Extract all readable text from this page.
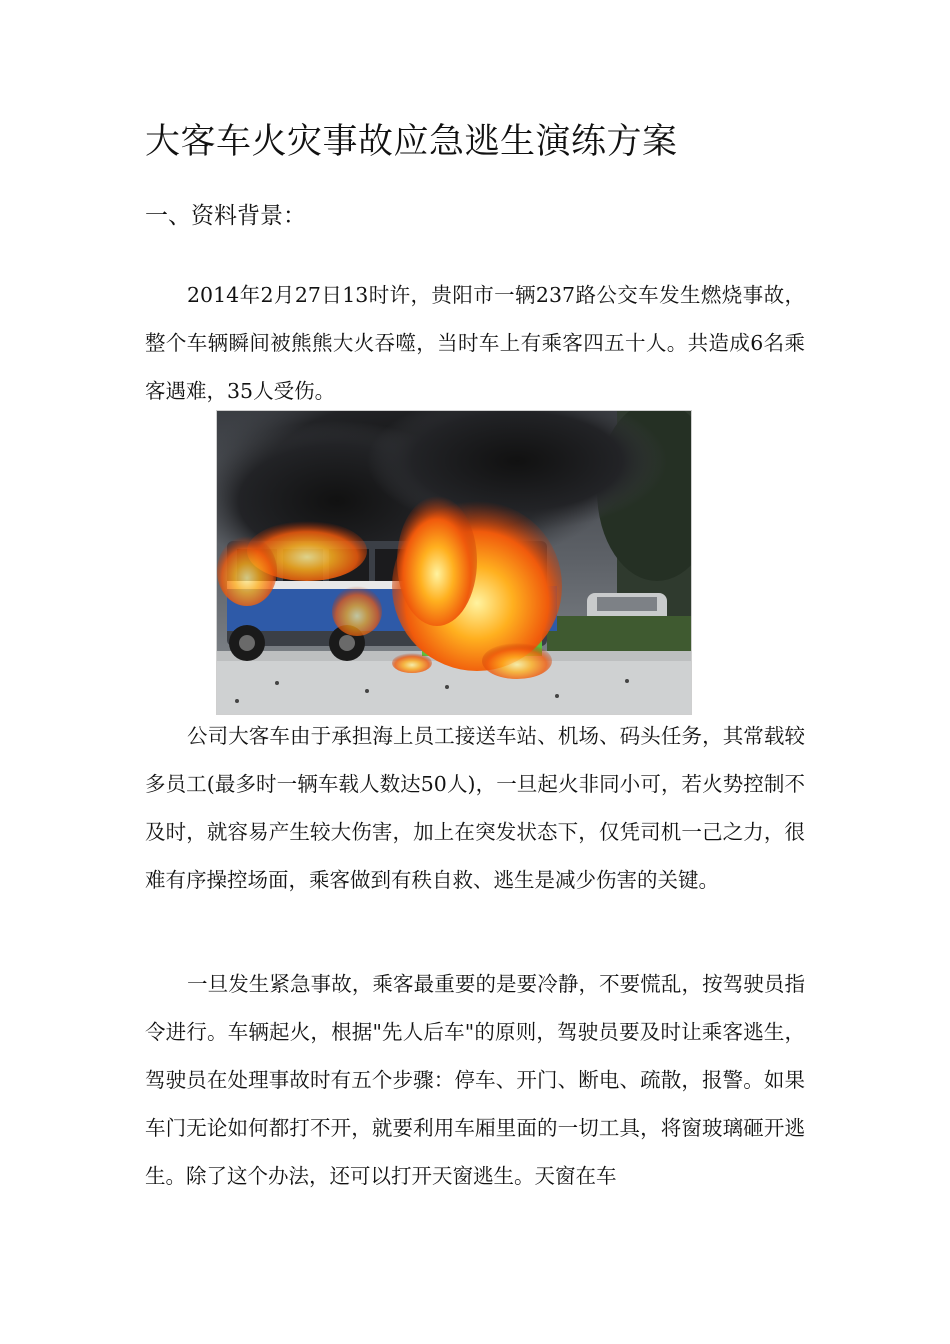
大客车火灾事故应急逃生演练方案
一、资料背景：

2014年2月27日13时许，贵阳市一辆237路公交车发生燃烧事故，整个车辆瞬间被熊熊大火吞噬，当时车上有乘客四五十人。共造成6名乘客遇难，35人受伤。

公司大客车由于承担海上员工接送车站、机场、码头任务，其常载较多员工(最多时一辆车载人数达50人)，一旦起火非同小可，若火势控制不及时，就容易产生较大伤害，加上在突发状态下，仅凭司机一己之力，很难有序操控场面，乘客做到有秩自救、逃生是减少伤害的关键。

一旦发生紧急事故，乘客最重要的是要冷静，不要慌乱，按驾驶员指令进行。车辆起火，根据"先人后车"的原则，驾驶员要及时让乘客逃生，驾驶员在处理事故时有五个步骤：停车、开门、断电、疏散，报警。如果车门无论如何都打不开，就要利用车厢里面的一切工具，将窗玻璃砸开逃生。除了这个办法，还可以打开天窗逃生。天窗在车
